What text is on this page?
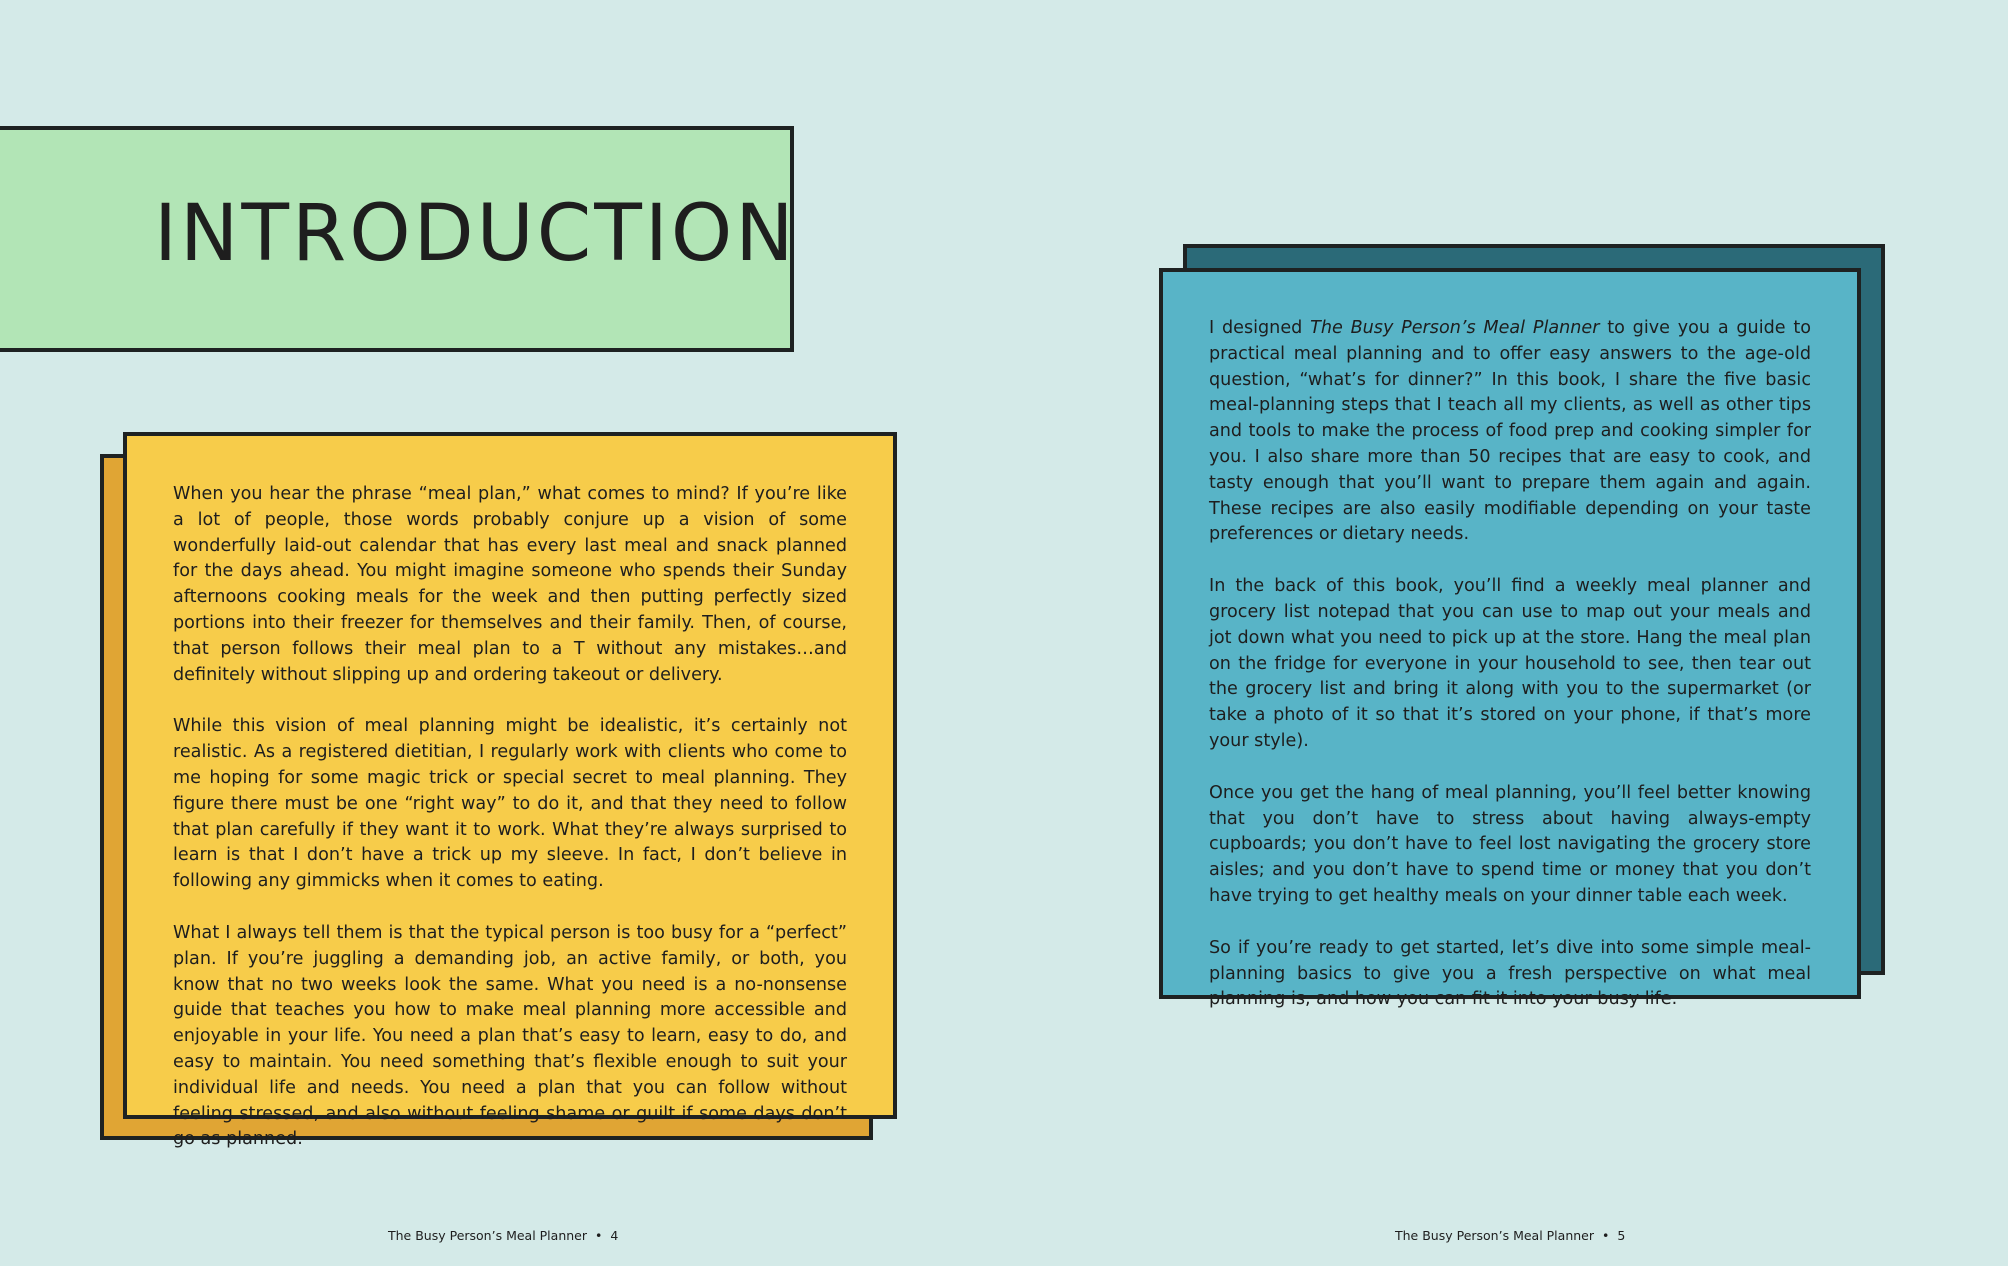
INTRODUCTION

When you hear the phrase “meal plan,” what comes to mind? If you’re like a lot of people, those words probably conjure up a vision of some wonderfully laid-out calendar that has every last meal and snack planned for the days ahead. You might imagine someone who spends their Sunday afternoons cooking meals for the week and then putting perfectly sized portions into their freezer for themselves and their family. Then, of course, that person follows their meal plan to a T without any mistakes…and definitely without slipping up and ordering takeout or delivery.

While this vision of meal planning might be idealistic, it’s certainly not realistic. As a registered dietitian, I regularly work with clients who come to me hoping for some magic trick or special secret to meal planning. They figure there must be one “right way” to do it, and that they need to follow that plan carefully if they want it to work. What they’re always surprised to learn is that I don’t have a trick up my sleeve. In fact, I don’t believe in following any gimmicks when it comes to eating.

What I always tell them is that the typical person is too busy for a “perfect” plan. If you’re juggling a demanding job, an active family, or both, you know that no two weeks look the same. What you need is a no-nonsense guide that teaches you how to make meal planning more accessible and enjoyable in your life. You need a plan that’s easy to learn, easy to do, and easy to maintain. You need something that’s flexible enough to suit your individual life and needs. You need a plan that you can follow without feeling stressed, and also without feeling shame or guilt if some days don’t go as planned.

The Busy Person’s Meal Planner • 4

I designed The Busy Person’s Meal Planner to give you a guide to practical meal planning and to offer easy answers to the age-old question, “what’s for dinner?” In this book, I share the five basic meal-planning steps that I teach all my clients, as well as other tips and tools to make the process of food prep and cooking simpler for you. I also share more than 50 recipes that are easy to cook, and tasty enough that you’ll want to prepare them again and again. These recipes are also easily modifiable depending on your taste preferences or dietary needs.

In the back of this book, you’ll find a weekly meal planner and grocery list notepad that you can use to map out your meals and jot down what you need to pick up at the store. Hang the meal plan on the fridge for everyone in your household to see, then tear out the grocery list and bring it along with you to the supermarket (or take a photo of it so that it’s stored on your phone, if that’s more your style).

Once you get the hang of meal planning, you’ll feel better knowing that you don’t have to stress about having always-empty cupboards; you don’t have to feel lost navigating the grocery store aisles; and you don’t have to spend time or money that you don’t have trying to get healthy meals on your dinner table each week.

So if you’re ready to get started, let’s dive into some simple meal-planning basics to give you a fresh perspective on what meal planning is, and how you can fit it into your busy life.

The Busy Person’s Meal Planner • 5
